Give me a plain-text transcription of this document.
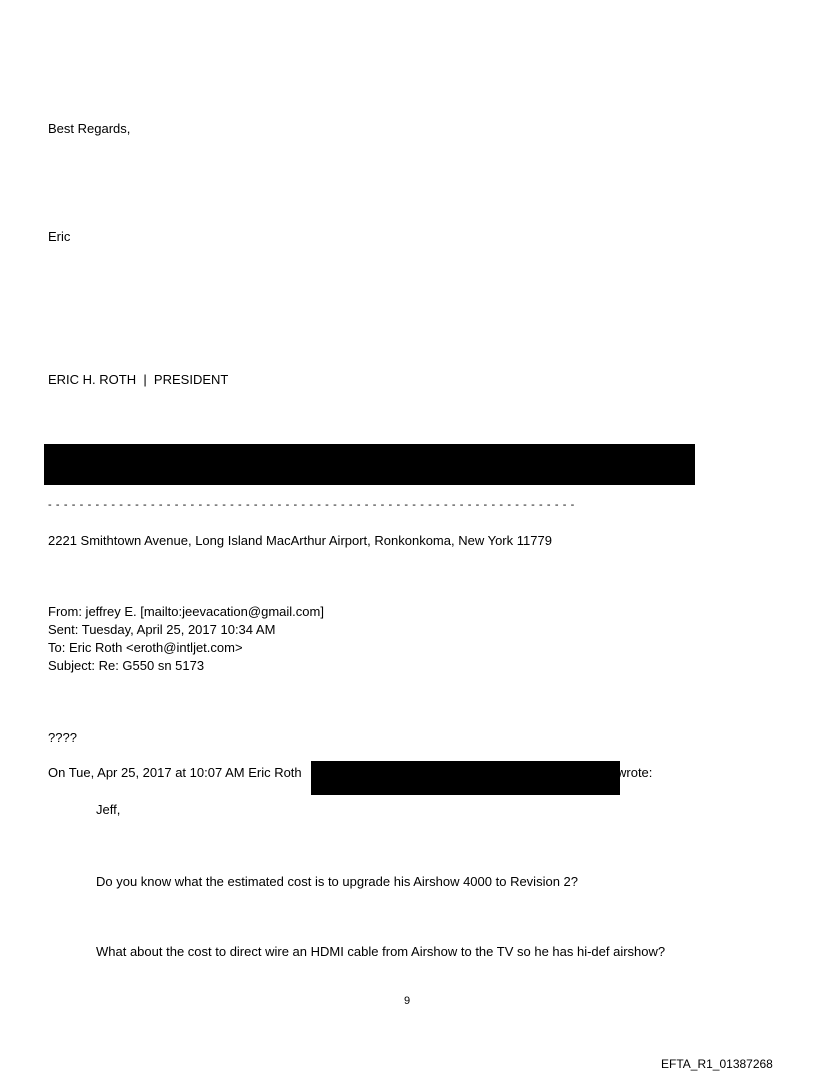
Best Regards,
Eric
ERIC H. ROTH  |  PRESIDENT
- - - - - - - - - - - - - - - - - - - - - - - - - - - - - - - - - - - - - - - - - - - - - - - - - - - - - - - - - - - - - - - - - - -
2221 Smithtown Avenue, Long Island MacArthur Airport, Ronkonkoma, New York 11779
From: jeffrey E. [mailto:jeevacation@gmail.com]
Sent: Tuesday, April 25, 2017 10:34 AM
To: Eric Roth <eroth@intljet.com>
Subject: Re: G550 sn 5173
????
On Tue, Apr 25, 2017 at 10:07 AM Eric Roth	wrote:
Jeff,
Do you know what the estimated cost is to upgrade his Airshow 4000 to Revision 2?
What about the cost to direct wire an HDMI cable from Airshow to the TV so he has hi-def airshow?
9
EFTA_R1_01387268
